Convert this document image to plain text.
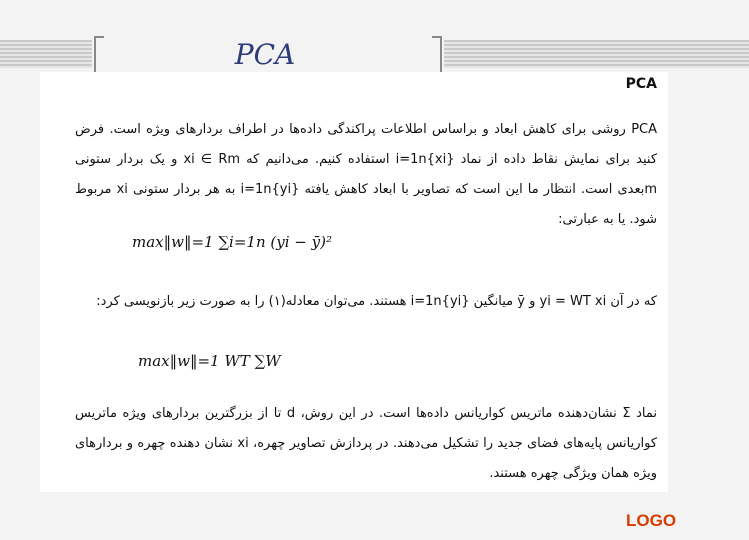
PCA
PCA
PCA روشی برای کاهش ابعاد و براساس اطلاعات پراکندگی داده‌ها در اطراف بردارهای ویژه است. فرض کنید برای نمایش نقاط داده از نماد {xi}i=1n استفاده کنیم. می‌دانیم که xi ∈ Rm و یک بردار ستونی mبعدی است. انتظار ما این است که تصاویر با ابعاد کاهش یافته {yi}i=1n به هر بردار ستونی xi مربوط شود. یا به عبارتی:
max‖w‖=1 ∑i=1n (yi − ȳ)²
که در آن yi = WT xi و ȳ میانگین {yi}i=1n هستند. می‌توان معادله(۱) را به صورت زیر بازنویسی کرد:
max‖w‖=1 WT ∑W
نماد Σ نشان‌دهنده ماتریس کواریانس داده‌ها است. در این روش، d تا از بزرگترین بردارهای ویژه ماتریس کواریانس پایه‌های فضای جدید را تشکیل می‌دهند. در پردازش تصاویر چهره، xi نشان دهنده چهره و بردارهای ویژه همان ویژگی چهره هستند.
LOGO
